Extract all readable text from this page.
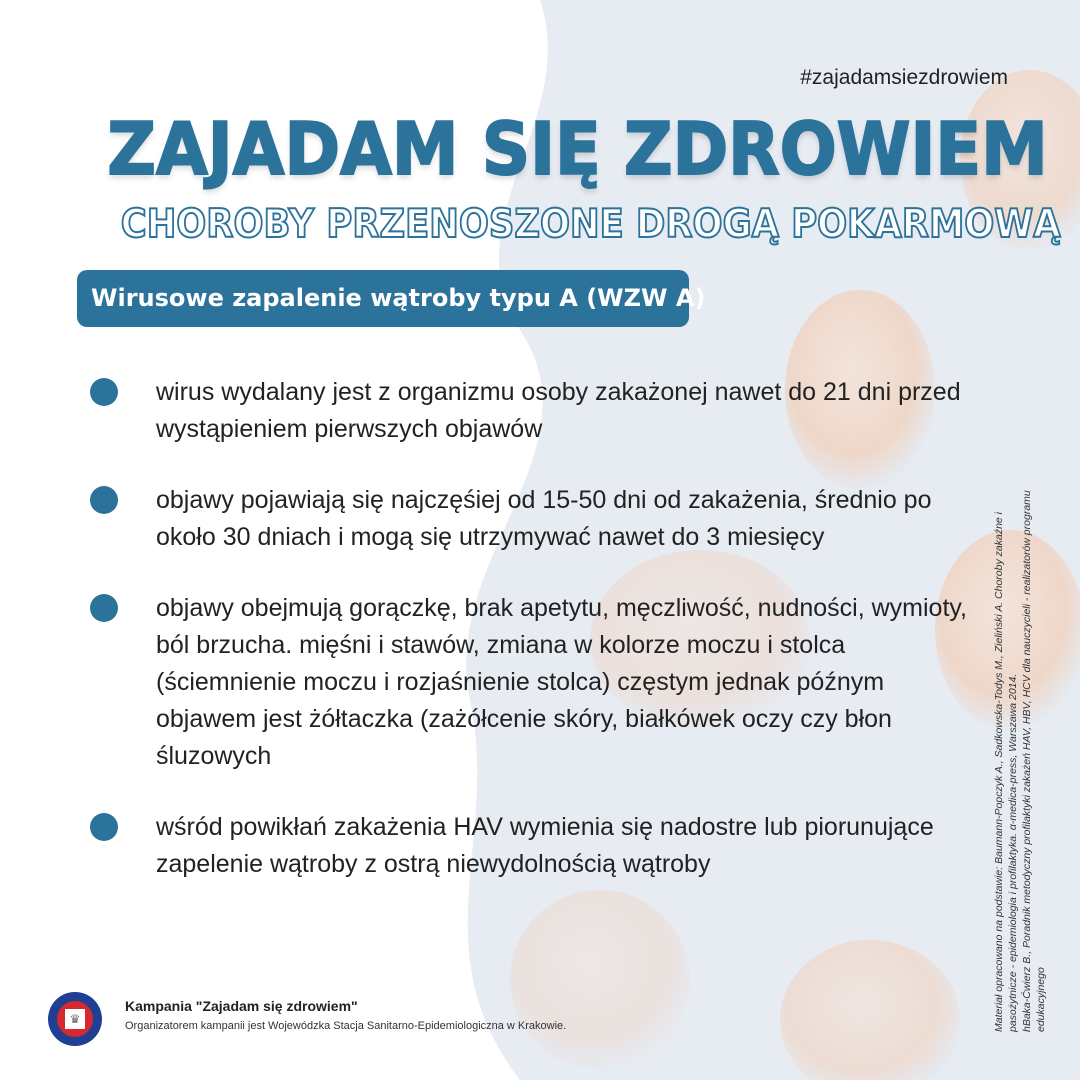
#zajadamsiezdrowiem
ZAJADAM SIĘ ZDROWIEM
CHOROBY PRZENOSZONE DROGĄ POKARMOWĄ
Wirusowe zapalenie wątroby typu A (WZW A)
wirus wydalany jest z organizmu osoby zakażonej nawet do 21 dni przed wystąpieniem pierwszych objawów
objawy pojawiają się najczęśiej od 15-50 dni od zakażenia, średnio po około 30 dniach i mogą się utrzymywać nawet do 3 miesięcy
objawy obejmują gorączkę, brak apetytu, męczliwość, nudności, wymioty, ból brzucha. mięśni i stawów, zmiana w kolorze moczu i stolca (ściemnienie moczu i rozjaśnienie stolca) częstym jednak późnym objawem jest żółtaczka (zażółcenie skóry, białkówek oczy czy błon śluzowych
wśród powikłań zakażenia HAV wymienia się nadostre lub piorunujące zapelenie wątroby z ostrą niewydolnością wątroby
♛
Kampania "Zajadam się zdrowiem"
Organizatorem kampanii jest Wojewódzka Stacja Sanitarno-Epidemiologiczna w Krakowie.	Materiał opracowano na podstawie: Baumann-Popczyk A., Sadkowska-Todys M., Zieliński A. Choroby zakaźne i pasożytnicze - epidemiologia i profilaktyka. α-medica-press, Warszawa 2014. hBaka-Ćwierz B., Poradnik metodyczny profilaktyki zakażeń HAV, HBV, HCV dla nauczycieli - realizatorów programu edukacyjnego
